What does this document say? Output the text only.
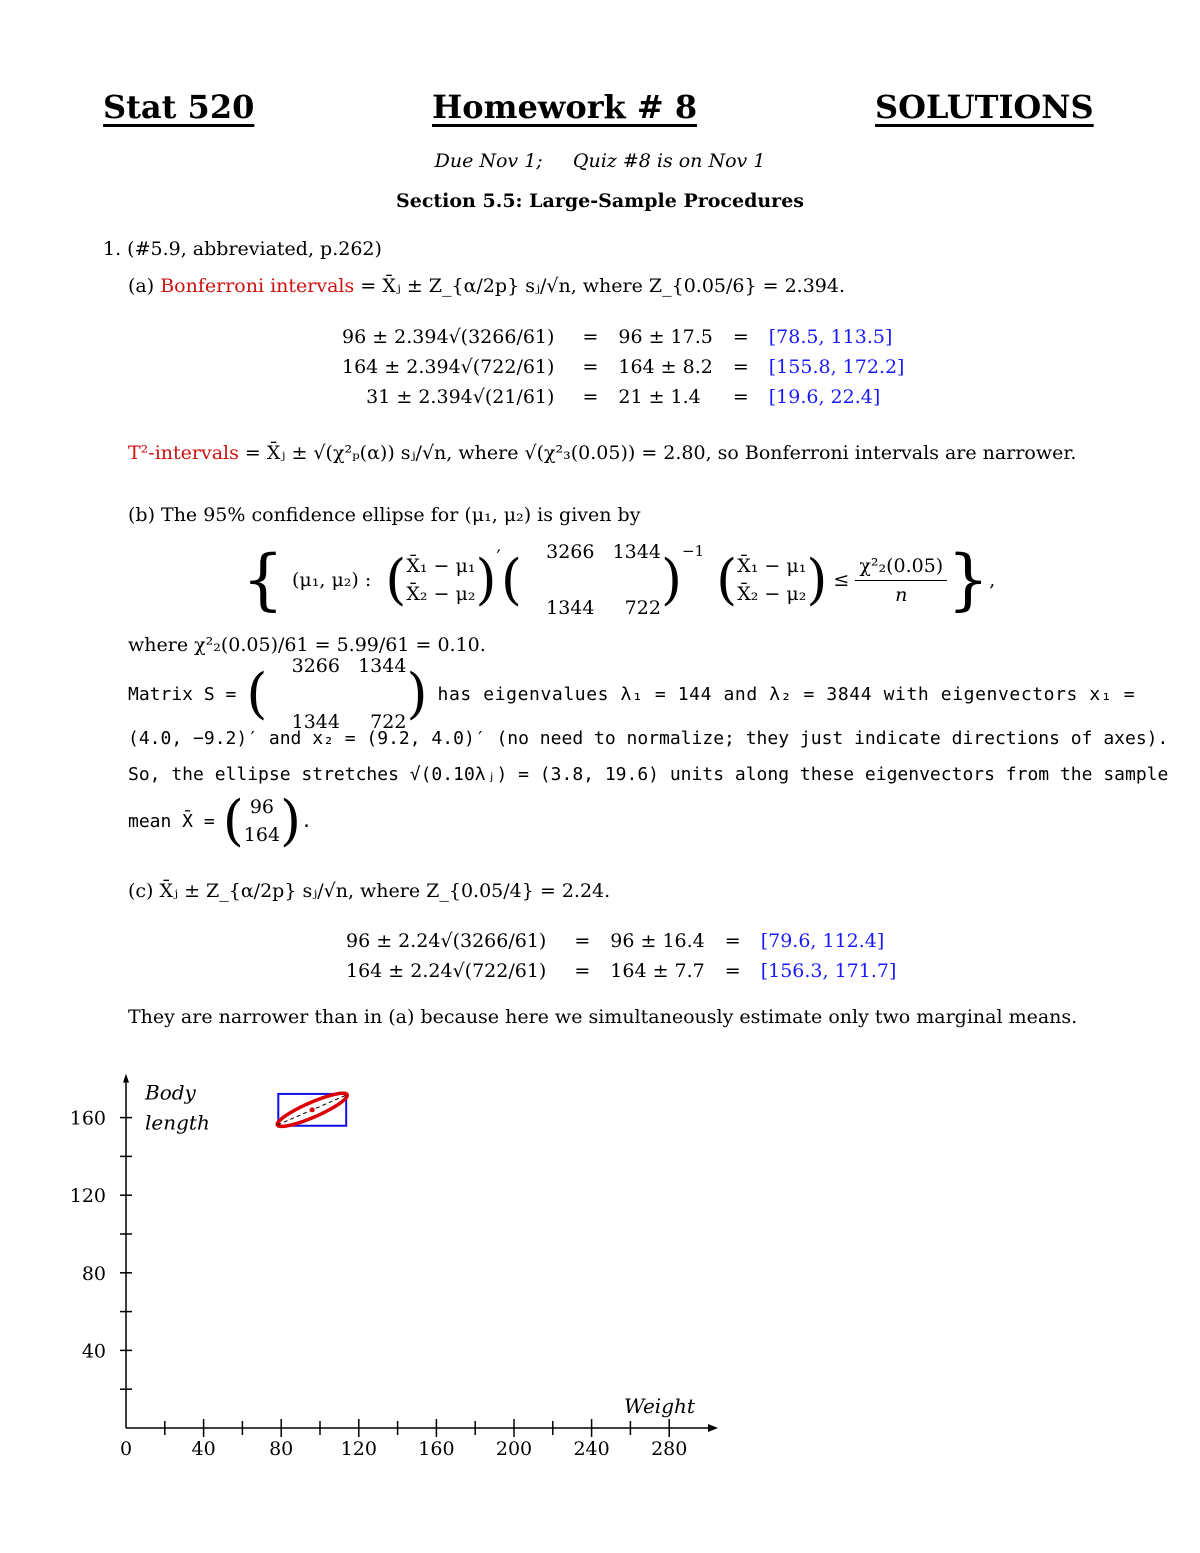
Stat 520	Homework # 8	SOLUTIONS
Due Nov 1;     Quiz #8 is on Nov 1
Section 5.5: Large-Sample Procedures
1. (#5.9, abbreviated, p.262)
(a) Bonferroni intervals = X̄ⱼ ± Z_{α/2p} sⱼ/√n, where Z_{0.05/6} = 2.394.
96 ± 2.394√(3266/61)	=	96 ± 17.5	=	[78.5, 113.5]
164 ± 2.394√(722/61)	=	164 ± 8.2	=	[155.8, 172.2]
31 ± 2.394√(21/61)	=	21 ± 1.4	=	[19.6, 22.4]
T²-intervals = X̄ⱼ ± √(χ²ₚ(α)) sⱼ/√n, where √(χ²₃(0.05)) = 2.80, so Bonferroni intervals are narrower.
(b) The 95% confidence ellipse for (μ₁, μ₂) is given by
{ (μ₁, μ₂) : ( X̄₁ − μ₁
X̄₂ − μ₂ ) ′ (	3266   1344

1344     722
) −1 ( X̄₁ − μ₁
X̄₂ − μ₂ ) ≤ $\frac{\text{χ²₂(0.05)}}{n}$ } ,
where χ²₂(0.05)/61 = 5.99/61 = 0.10.
Matrix S = (	3266   1344

1344     722
) has eigenvalues λ₁ = 144 and λ₂ = 3844 with eigenvectors x₁ =
(4.0, −9.2)′ and x₂ = (9.2, 4.0)′ (no need to normalize; they just indicate directions of axes).
So, the ellipse stretches √(0.10λⱼ) = (3.8, 19.6) units along these eigenvectors from the sample
mean X̄ = ( 96
164 ) .
(c) X̄ⱼ ± Z_{α/2p} sⱼ/√n, where Z_{0.05/4} = 2.24.
96 ± 2.24√(3266/61)	=	96 ± 16.4	=	[79.6, 112.4]
164 ± 2.24√(722/61)	=	164 ± 7.7	=	[156.3, 171.7]
They are narrower than in (a) because here we simultaneously estimate only two marginal means.
0	40	80 120 160 200 240 280
40
80
120
160
Weight
Body
length
